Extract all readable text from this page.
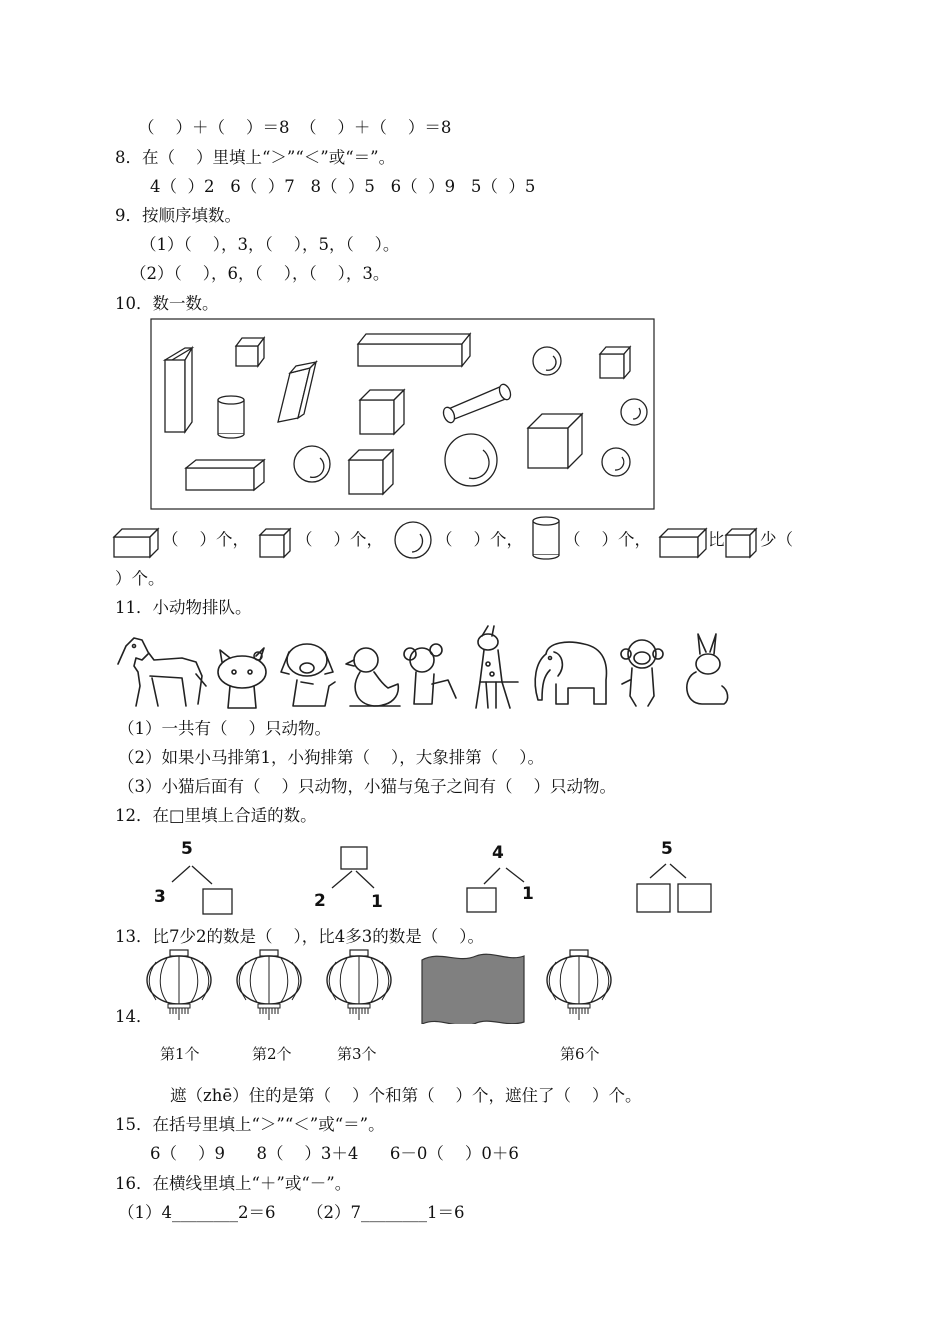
（    ）＋（    ）＝8  （    ）＋（    ）＝8
8．在（    ）里填上“＞”“＜”或“＝”。
4（  ）2   6（  ）7   8（  ）5   6（  ）9   5（  ）5
9．按顺序填数。
（1）（    ），3，（    ），5，（    ）。
（2）（    ），6，（    ），（    ），3。
10．数一数。
（    ）个，	（    ）个，	（    ）个， （    ）个，	比 少（
）个。
11．小动物排队。
（1）一共有（    ）只动物。
（2）如果小马排第1，小狗排第（    ），大象排第（    ）。
（3）小猫后面有（    ）只动物，小猫与兔子之间有（    ）只动物。
12．在□里填上合适的数。
5
3	2	1
4
1
5
13．比7少2的数是（    ），比4多3的数是（    ）。
14．
第1个	第2个	第3个	第6个
遮（zhē）住的是第（    ）个和第（    ）个，遮住了（    ）个。
15．在括号里填上“＞”“＜”或“＝”。
6（    ）9      8（    ）3＋4      6－0（    ）0＋6
16．在横线里填上“＋”或“－”。
（1）4________2＝6      （2）7________1＝6
